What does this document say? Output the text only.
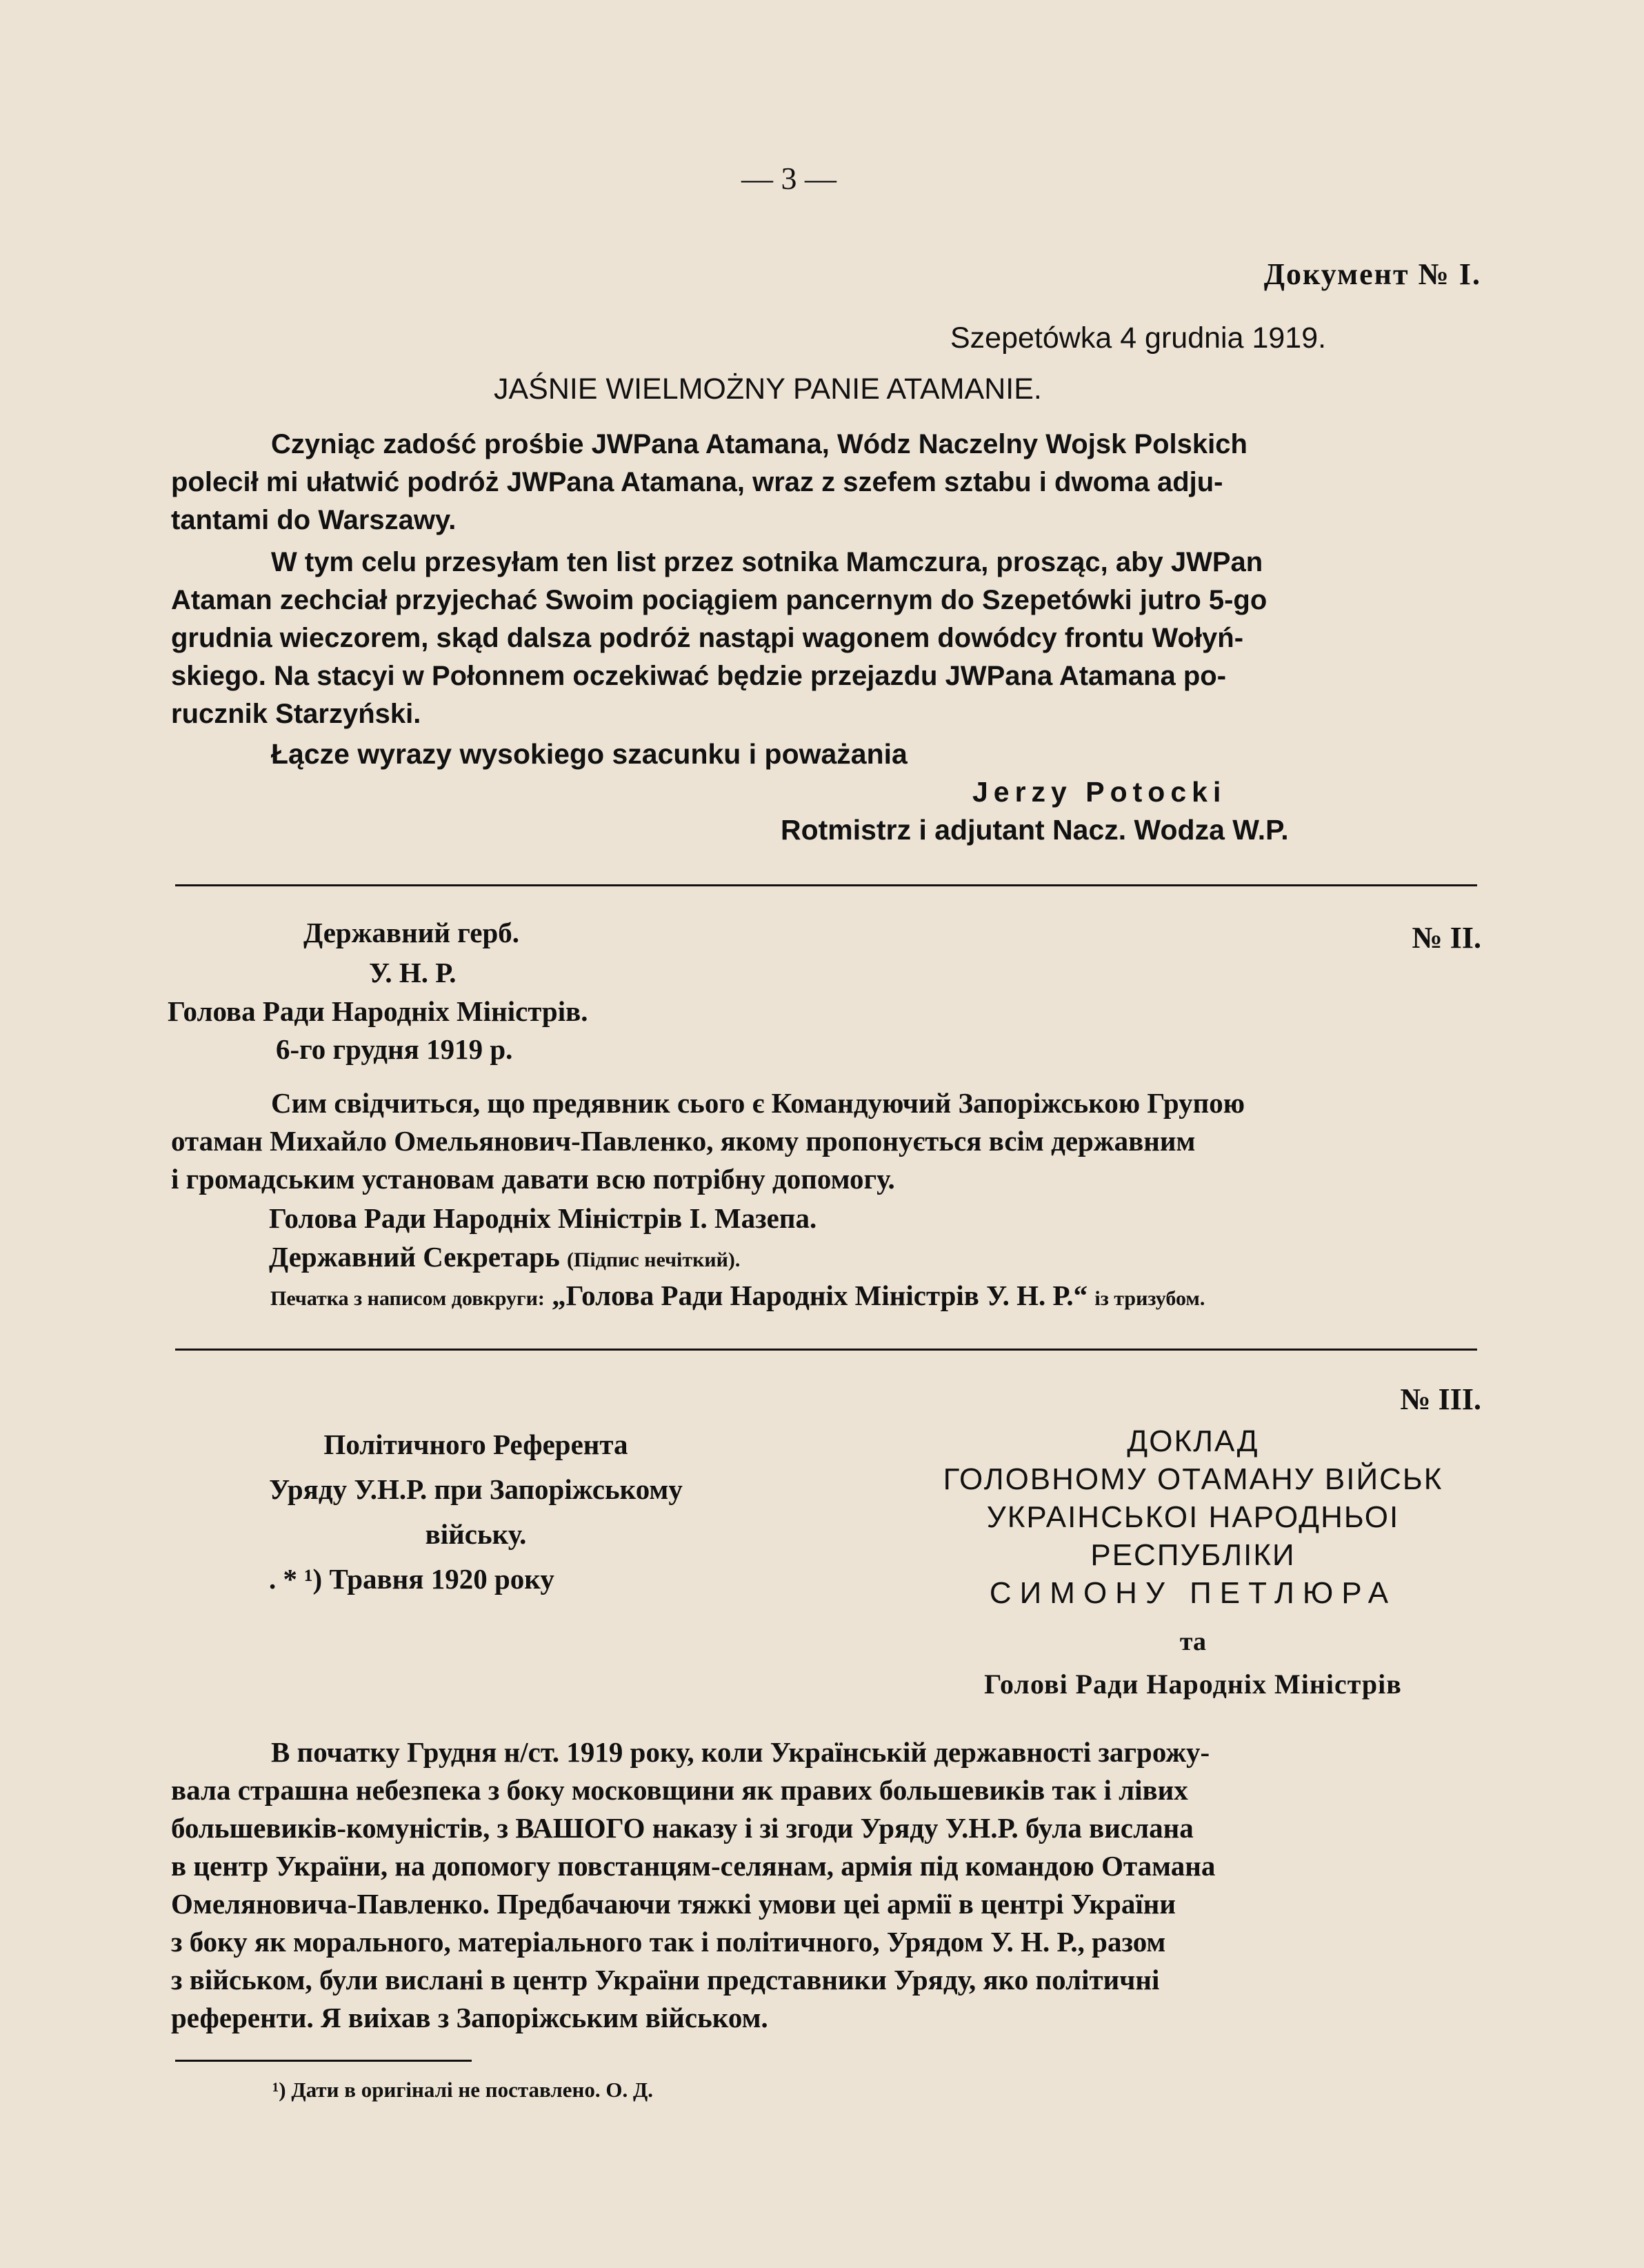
— 3 —
Документ № I.
Szepetówka 4 grudnia 1919.
JAŚNIE WIELMOŻNY PANIE ATAMANIE.
Czyniąc zadość prośbie JWPana Atamana, Wódz Naczelny Wojsk Polskich
polecił mi ułatwić podróż JWPana Atamana, wraz z szefem sztabu i dwoma adju-
tantami do Warszawy.
W tym celu przesyłam ten list przez sotnika Mamczura, prosząc, aby JWPan
Ataman zechciał przyjechać Swoim pociągiem pancernym do Szepetówki jutro 5-go
grudnia wieczorem, skąd dalsza podróż nastąpi wagonem dowódcy frontu Wołyń-
skiego. Na stacyi w Połonnem oczekiwać będzie przejazdu JWPana Atamana po-
rucznik Starzyński.
Łącze wyrazy wysokiego szacunku i poważania
Jerzy Potocki
Rotmistrz i adjutant Nacz. Wodza W.P.
№ II.
Державний герб.
У. Н. Р.
Голова Ради Народніх Міністрів.
6-го грудня 1919 р.
Сим свідчиться, що предявник сього є Командуючий Запоріжською Групою
отаман Михайло Омельянович-Павленко, якому пропонується всім державним
і громадським установам давати всю потрібну допомогу.
Голова Ради Народніх Міністрів І. Мазепа.
Державний Секретарь (Підпис нечіткий).
Печатка з написом довкруги: „Голова Ради Народніх Міністрів У. Н. Р.“ із тризубом.
№ III.
Політичного Референта
Уряду У.Н.Р. при Запоріжському
війську.
. * ¹) Травня 1920 року
ДОКЛАД
ГОЛОВНОМУ ОТАМАНУ ВІЙСЬК
УКРАІНСЬКОІ НАРОДНЬОІ
РЕСПУБЛІКИ
СИМОНУ ПЕТЛЮРА
та
Голові Ради Народніх Міністрів
В початку Грудня н/ст. 1919 року, коли Українській державності загрожу-
вала страшна небезпека з боку московщини як правих большевиків так і лівих
большевиків-комуністів, з ВАШОГО наказу і зі згоди Уряду У.Н.Р. була вислана
в центр України, на допомогу повстанцям-селянам, армія під командою Отамана
Омеляновича-Павленко. Предбачаючи тяжкі умови цеі армії в центрі України
з боку як морального, матеріального так і політичного, Урядом У. Н. Р., разом
з військом, були вислані в центр України представники Уряду, яко політичні
референти. Я виіхав з Запоріжським військом.
¹) Дати в оригіналі не поставлено. О. Д.
